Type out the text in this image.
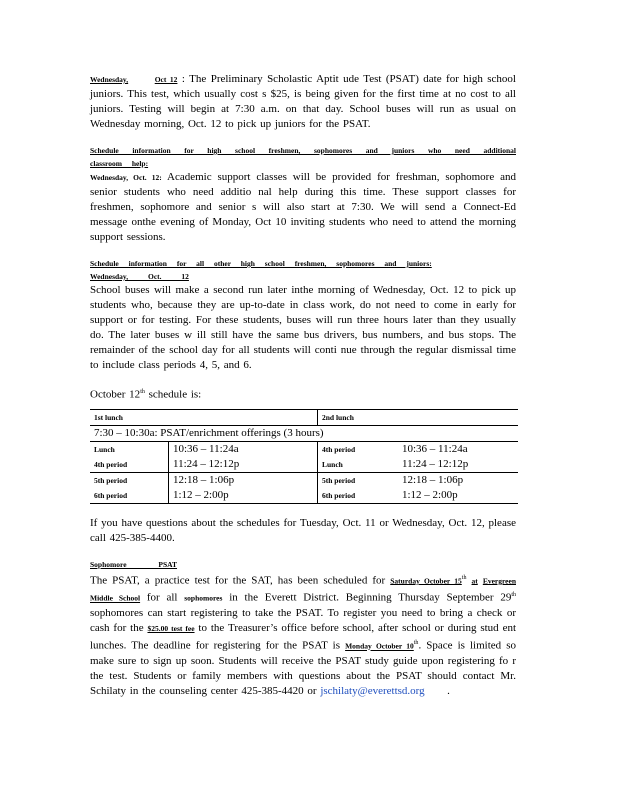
Wednesday,	Oct 12 : The Preliminary Scholastic Aptit ude Test (PSAT) date for high school juniors. This test, which usually cost s $25, is being given for the first time at no cost to all juniors. Testing will begin at 7:30 a.m. on that day. School buses will run as usual on Wednesday morning, Oct. 12 to pick up juniors for the PSAT.

Schedule information for high school freshmen, sophomores and juniors who need additional classroom help:

Wednesday, Oct. 12: Academic support classes will be provided for freshman, sophomore and senior students who need additio nal help during this time. These support classes for freshmen, sophomore and senior s will also start at 7:30. We will send a Connect-Ed message onthe evening of Monday, Oct 10 inviting students who need to attend the morning support sessions.

Schedule information for all other high school freshmen, sophomores and juniors:
Wednesday, Oct. 12

School buses will make a second run later inthe morning of Wednesday, Oct. 12 to pick up students who, because they are up-to-date in class work, do not need to come in early for support or for testing. For these students, buses will run three hours later than they usually do. The later buses w ill still have the same bus drivers, bus numbers, and bus stops. The remainder of the school day for all students will conti nue through the regular dismissal time to include class periods 4, 5, and 6.

October 12th schedule is:

1st lunch		2nd lunch	
7:30 – 10:30a: PSAT/enrichment offerings (3 hours)			
Lunch	10:36 – 11:24a	4th period	10:36 – 11:24a
4th period	11:24 – 12:12p	Lunch	11:24 – 12:12p
5th period	12:18 – 1:06p	5th period	12:18 – 1:06p
6th period	1:12 – 2:00p	6th period	1:12 – 2:00p

If you have questions about the schedules for Tuesday, Oct. 11 or Wednesday, Oct. 12, please call 425-385-4400.

Sophomore PSAT

The PSAT, a practice test for the SAT, has been scheduled for Saturday October 15th at Evergreen Middle School for all sophomores in the Everett District. Beginning Thursday September 29th sophomores can start registering to take the PSAT. To register you need to bring a check or cash for the $25.00 test fee to the Treasurer’s office before school, after school or during stud ent lunches. The deadline for registering for the PSAT is Monday October 10th. Space is limited so make sure to sign up soon. Students will receive the PSAT study guide upon registering fo r the test. Students or family members with questions about the PSAT should contact Mr. Schilaty in the counseling center 425-385-4420 or jschilaty@everettsd.org .
